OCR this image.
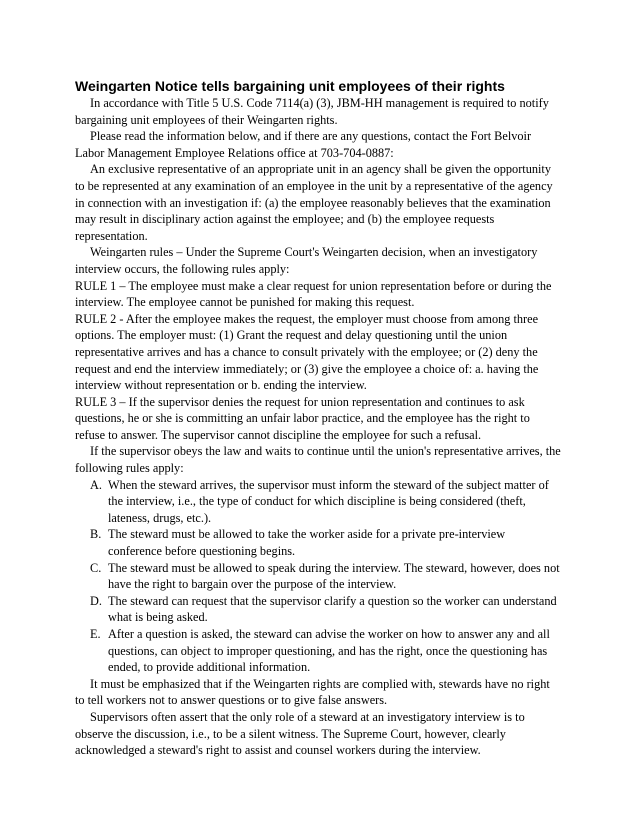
Weingarten Notice tells bargaining unit employees of their rights

In accordance with Title 5 U.S. Code 7114(a) (3), JBM-HH management is required to notify bargaining unit employees of their Weingarten rights.

Please read the information below, and if there are any questions, contact the Fort Belvoir Labor Management Employee Relations office at 703-704-0887:

An exclusive representative of an appropriate unit in an agency shall be given the opportunity to be represented at any examination of an employee in the unit by a representative of the agency in connection with an investigation if: (a) the employee reasonably believes that the examination may result in disciplinary action against the employee; and (b) the employee requests representation.

Weingarten rules – Under the Supreme Court's Weingarten decision, when an investigatory interview occurs, the following rules apply:

RULE 1 – The employee must make a clear request for union representation before or during the interview. The employee cannot be punished for making this request.

RULE 2 - After the employee makes the request, the employer must choose from among three options. The employer must: (1) Grant the request and delay questioning until the union representative arrives and has a chance to consult privately with the employee; or (2) deny the request and end the interview immediately; or (3) give the employee a choice of: a. having the interview without representation or b. ending the interview.

RULE 3 – If the supervisor denies the request for union representation and continues to ask questions, he or she is committing an unfair labor practice, and the employee has the right to refuse to answer. The supervisor cannot discipline the employee for such a refusal.

If the supervisor obeys the law and waits to continue until the union's representative arrives, the following rules apply:

A. When the steward arrives, the supervisor must inform the steward of the subject matter of the interview, i.e., the type of conduct for which discipline is being considered (theft, lateness, drugs, etc.).
B. The steward must be allowed to take the worker aside for a private pre-interview conference before questioning begins.
C. The steward must be allowed to speak during the interview. The steward, however, does not have the right to bargain over the purpose of the interview.
D. The steward can request that the supervisor clarify a question so the worker can understand what is being asked.
E. After a question is asked, the steward can advise the worker on how to answer any and all questions, can object to improper questioning, and has the right, once the questioning has ended, to provide additional information.

It must be emphasized that if the Weingarten rights are complied with, stewards have no right to tell workers not to answer questions or to give false answers.

Supervisors often assert that the only role of a steward at an investigatory interview is to observe the discussion, i.e., to be a silent witness. The Supreme Court, however, clearly acknowledged a steward's right to assist and counsel workers during the interview.
